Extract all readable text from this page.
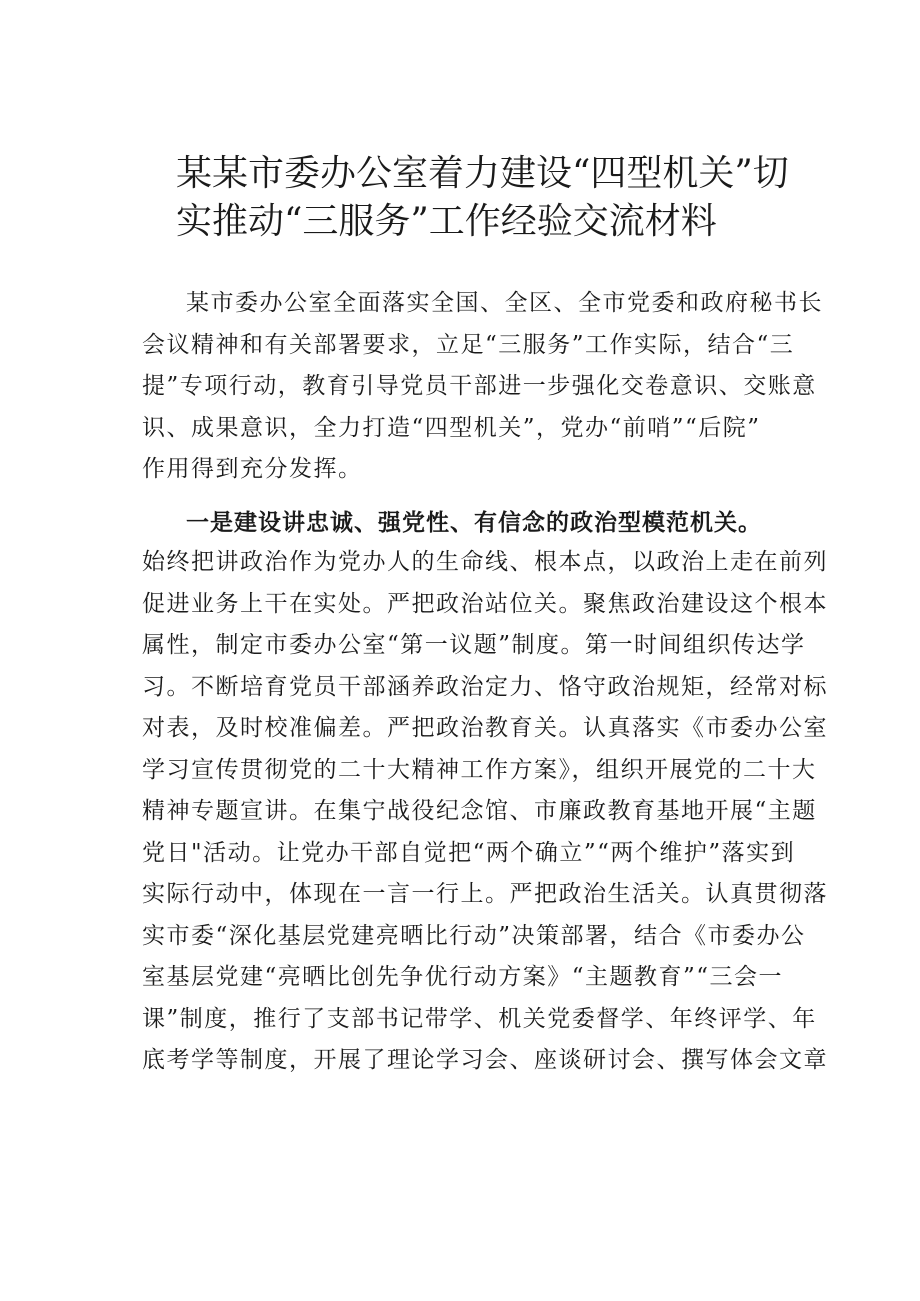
某某市委办公室着力建设“四型机关”切
实推动“三服务”工作经验交流材料
某市委办公室全面落实全国、全区、全市党委和政府秘书长
会议精神和有关部署要求，立足“三服务”工作实际，结合“三
提”专项行动，教育引导党员干部进一步强化交卷意识、交账意
识、成果意识，全力打造“四型机关”，党办“前哨”“后院”
作用得到充分发挥。

一是建设讲忠诚、强党性、有信念的政治型模范机关。

始终把讲政治作为党办人的生命线、根本点，以政治上走在前列
促进业务上干在实处。严把政治站位关。聚焦政治建设这个根本
属性，制定市委办公室“第一议题”制度。第一时间组织传达学
习。不断培育党员干部涵养政治定力、恪守政治规矩，经常对标
对表，及时校准偏差。严把政治教育关。认真落实《市委办公室
学习宣传贯彻党的二十大精神工作方案》，组织开展党的二十大
精神专题宣讲。在集宁战役纪念馆、市廉政教育基地开展“主题
党日"活动。让党办干部自觉把“两个确立”“两个维护”落实到
实际行动中，体现在一言一行上。严把政治生活关。认真贯彻落
实市委“深化基层党建亮晒比行动”决策部署，结合《市委办公
室基层党建“亮晒比创先争优行动方案》“主题教育”“三会一
课”制度，推行了支部书记带学、机关党委督学、年终评学、年
底考学等制度，开展了理论学习会、座谈研讨会、撰写体会文章
